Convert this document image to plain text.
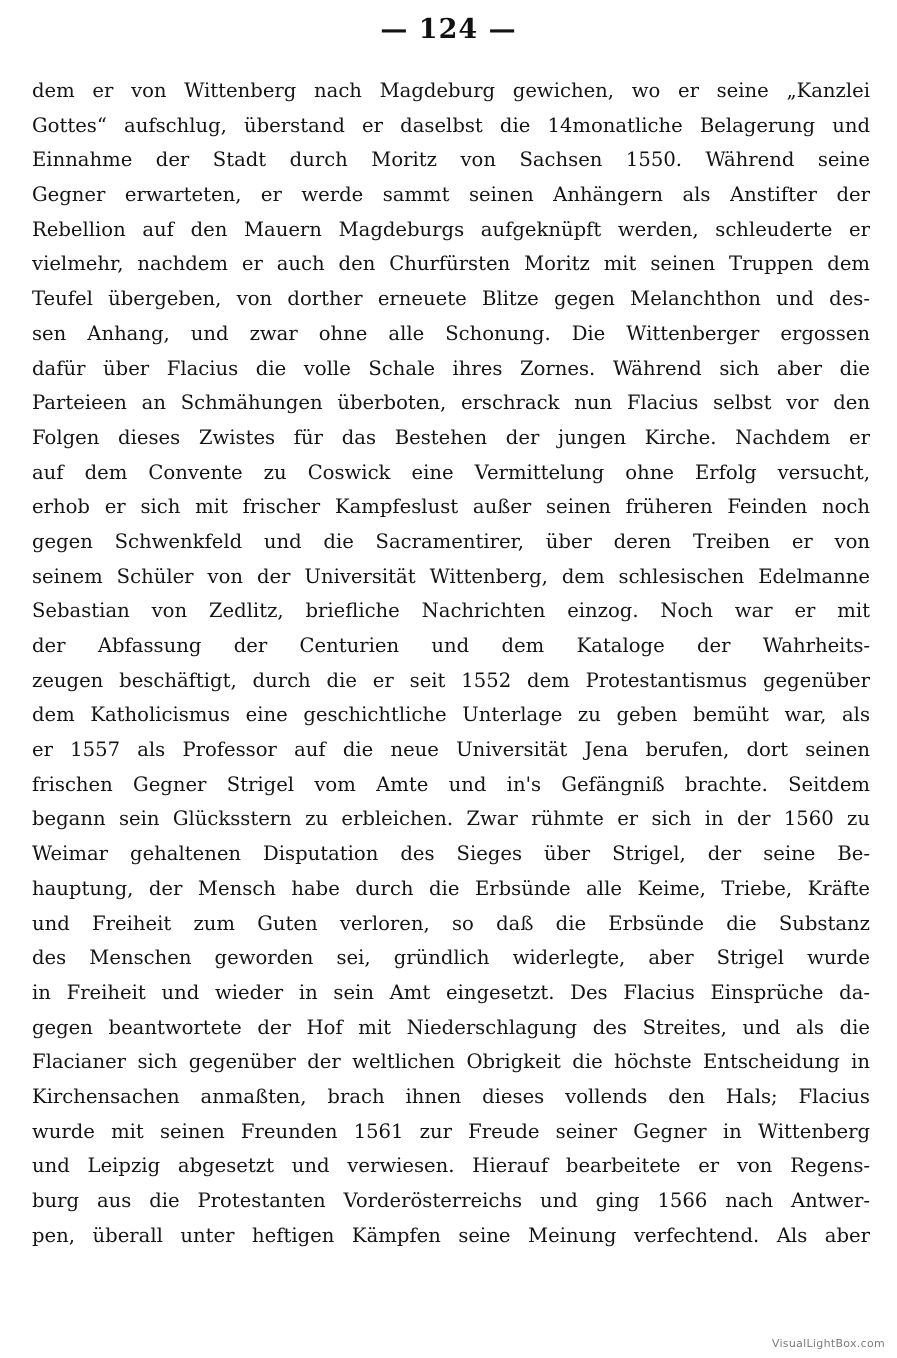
— 124 —
dem er von Wittenberg nach Magdeburg gewichen, wo er seine „Kanzlei
Gottes“ aufschlug, überstand er daselbst die 14monatliche Belagerung und
Einnahme der Stadt durch Moritz von Sachsen 1550. Während seine
Gegner erwarteten, er werde sammt seinen Anhängern als Anstifter der
Rebellion auf den Mauern Magdeburgs aufgeknüpft werden, schleuderte er
vielmehr, nachdem er auch den Churfürsten Moritz mit seinen Truppen dem
Teufel übergeben, von dorther erneuete Blitze gegen Melanchthon und des-
sen Anhang, und zwar ohne alle Schonung. Die Wittenberger ergossen
dafür über Flacius die volle Schale ihres Zornes. Während sich aber die
Parteieen an Schmähungen überboten, erschrack nun Flacius selbst vor den
Folgen dieses Zwistes für das Bestehen der jungen Kirche. Nachdem er
auf dem Convente zu Coswick eine Vermittelung ohne Erfolg versucht,
erhob er sich mit frischer Kampfeslust außer seinen früheren Feinden noch
gegen Schwenkfeld und die Sacramentirer, über deren Treiben er von
seinem Schüler von der Universität Wittenberg, dem schlesischen Edelmanne
Sebastian von Zedlitz, briefliche Nachrichten einzog. Noch war er mit
der Abfassung der Centurien und dem Kataloge der Wahrheits-
zeugen beschäftigt, durch die er seit 1552 dem Protestantismus gegenüber
dem Katholicismus eine geschichtliche Unterlage zu geben bemüht war, als
er 1557 als Professor auf die neue Universität Jena berufen, dort seinen
frischen Gegner Strigel vom Amte und in's Gefängniß brachte. Seitdem
begann sein Glücksstern zu erbleichen. Zwar rühmte er sich in der 1560 zu
Weimar gehaltenen Disputation des Sieges über Strigel, der seine Be-
hauptung, der Mensch habe durch die Erbsünde alle Keime, Triebe, Kräfte
und Freiheit zum Guten verloren, so daß die Erbsünde die Substanz
des Menschen geworden sei, gründlich widerlegte, aber Strigel wurde
in Freiheit und wieder in sein Amt eingesetzt. Des Flacius Einsprüche da-
gegen beantwortete der Hof mit Niederschlagung des Streites, und als die
Flacianer sich gegenüber der weltlichen Obrigkeit die höchste Entscheidung in
Kirchensachen anmaßten, brach ihnen dieses vollends den Hals; Flacius
wurde mit seinen Freunden 1561 zur Freude seiner Gegner in Wittenberg
und Leipzig abgesetzt und verwiesen. Hierauf bearbeitete er von Regens-
burg aus die Protestanten Vorderösterreichs und ging 1566 nach Antwer-
pen, überall unter heftigen Kämpfen seine Meinung verfechtend. Als aber
VisualLightBox.com
